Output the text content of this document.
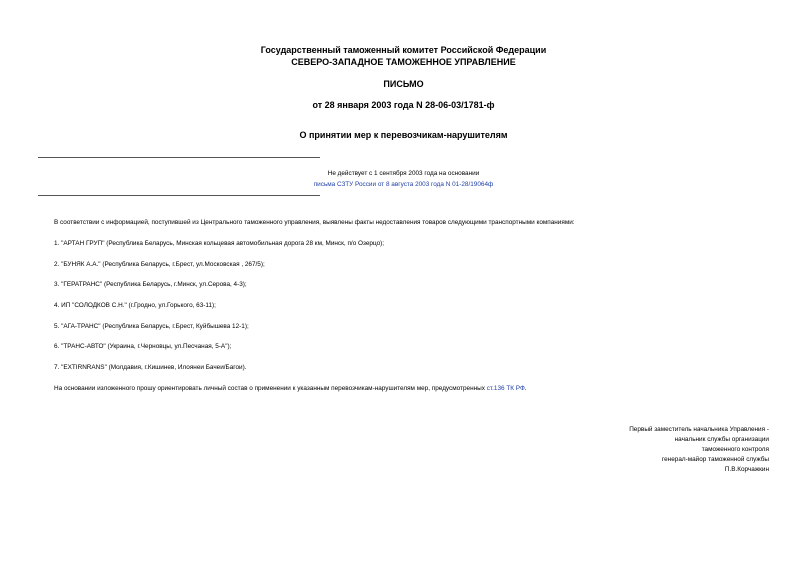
Государственный таможенный комитет Российской Федерации
СЕВЕРО-ЗАПАДНОЕ ТАМОЖЕННОЕ УПРАВЛЕНИЕ
ПИСЬМО
от 28 января 2003 года N 28-06-03/1781-ф
О принятии мер к перевозчикам-нарушителям
Не действует с 1 сентября 2003 года на основании
письма СЗТУ России от 8 августа 2003 года N 01-28/19064ф
В соответствии с информацией, поступившей из Центрального таможенного управления, выявлены факты недоставления товаров следующими транспортными компаниями:
1. "АРТАН ГРУП" (Республика Беларусь, Минская кольцевая автомобильная дорога 28 км, Минск, п/о Озерцо);
2. "БУНЯК А.А." (Республика Беларусь, г.Брест, ул.Московская , 267/5);
3. "ГЕРАТРАНС" (Республика Беларусь, г.Минск, ул.Серова, 4-3);
4. ИП "СОЛОДКОВ С.Н." (г.Гродно, ул.Горького, 63-11);
5. "АГА-ТРАНС" (Республика Беларусь, г.Брест, Куйбышева 12-1);
6. "ТРАНС-АВТО" (Украина, г.Черновцы, ул.Песчаная, 5-А");
7. "EXTIRNRANS" (Молдавия, г.Кишинев, Илоянеи Бачеи/Багои).
На основании изложенного прошу ориентировать личный состав о применении к указанным перевозчикам-нарушителям мер, предусмотренных ст.136 ТК РФ.
Первый заместитель начальника Управления -
начальник службы организации
таможенного контроля
генерал-майор таможенной службы
П.В.Корчажкин
